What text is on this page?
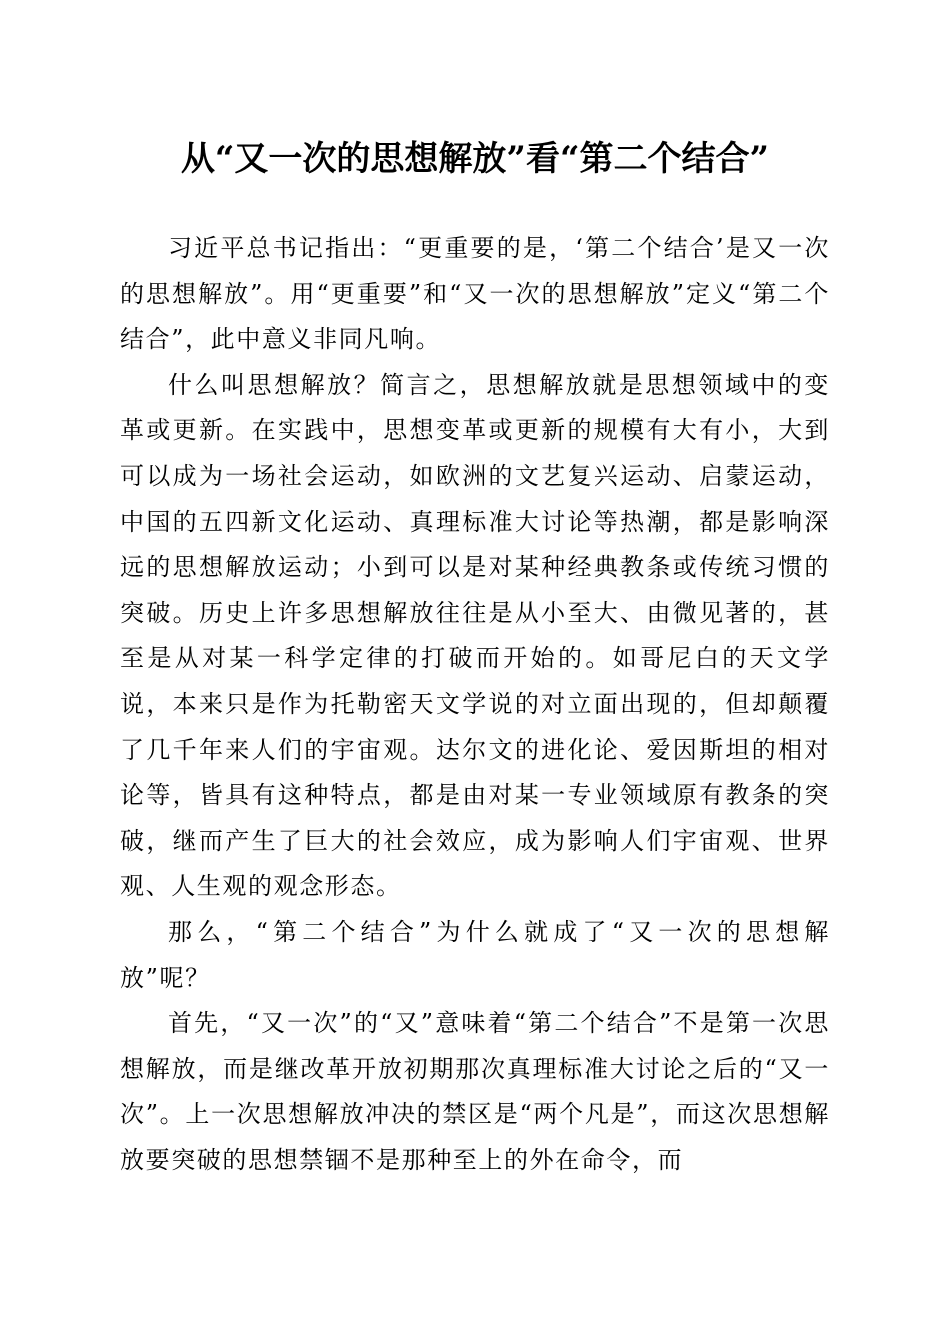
从“又一次的思想解放”看“第二个结合”

习近平总书记指出：“更重要的是，‘第二个结合’是又一次的思想解放”。用“更重要”和“又一次的思想解放”定义“第二个结合”，此中意义非同凡响。

什么叫思想解放？简言之，思想解放就是思想领域中的变革或更新。在实践中，思想变革或更新的规模有大有小，大到可以成为一场社会运动，如欧洲的文艺复兴运动、启蒙运动，中国的五四新文化运动、真理标准大讨论等热潮，都是影响深远的思想解放运动；小到可以是对某种经典教条或传统习惯的突破。历史上许多思想解放往往是从小至大、由微见著的，甚至是从对某一科学定律的打破而开始的。如哥尼白的天文学说，本来只是作为托勒密天文学说的对立面出现的，但却颠覆了几千年来人们的宇宙观。达尔文的进化论、爱因斯坦的相对论等，皆具有这种特点，都是由对某一专业领域原有教条的突破，继而产生了巨大的社会效应，成为影响人们宇宙观、世界观、人生观的观念形态。

那么，“第二个结合”为什么就成了“又一次的思想解放”呢？

首先，“又一次”的“又”意味着“第二个结合”不是第一次思想解放，而是继改革开放初期那次真理标准大讨论之后的“又一次”。上一次思想解放冲决的禁区是“两个凡是”，而这次思想解放要突破的思想禁锢不是那种至上的外在命令，而
